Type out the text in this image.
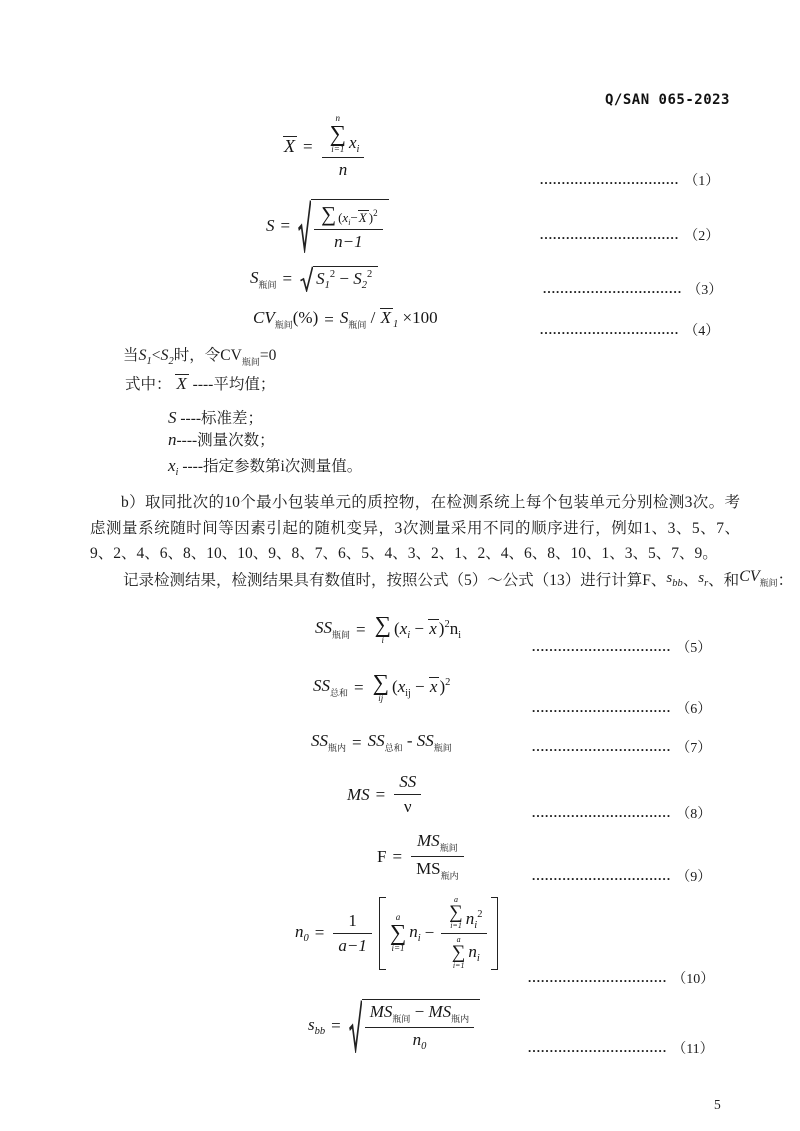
Q/SAN 065-2023
X = n
∑
i=1 $x_i$
n	................................ （1）
$S = \frac{\sum (x_i-X )^2}{n-1}$	................................ （2）
$S_{瓶间} = S_1^2 - S_2^2$
................................ （3）
$CV_{瓶间}(\%) = S_{瓶间} / X$ $_1$ ×100
................................ （4）
当$S_1<S_2$时，令$CV_{瓶间}=0$
式中： X ----平均值；
S ----标准差；
n----测量次数；
$x_i$ ----指定参数第i次测量值。
b）取同批次的10个最小包装单元的质控物，在检测系统上每个包装单元分别检测3次。考虑测量系统随时间等因素引起的随机变异，3次测量采用不同的顺序进行，例如1、3、5、7、9、2、4、6、8、10、10、9、8、7、6、5、4、3、2、1、2、4、6、8、10、1、3、5、7、9。
记录检测结果，检测结果具有数值时，按照公式（5）～公式（13）进行计算F、$s_{bb}$、$s_r$、和$CV_{瓶间}$：
$SS_{瓶间}$ = ∑
i
($x_i - x$ )$^2n_i$
................................ （5）
$SS_{总和}$ = ∑
ij
($x_{ij} - x$ )$^2$
................................ （6）
$SS_{瓶内} = SS_{总和} - SS_{瓶间}$	................................ （7）
MS = $\frac{SS}{\nu}$	................................ （8）
$F = \frac{MS_{瓶间}}{MS_{瓶内}}$	................................ （9）
$n_0 = \frac{1}{a-1}$	a
∑
i=1
$n_i - a$
∑
i=1 $n_i^2$
a
∑
i=1
$n_i$
................................ （10）
$s_{bb} = \frac{MS_{瓶间} - MS_{瓶内}}{n_0}$	................................ （11）
5
